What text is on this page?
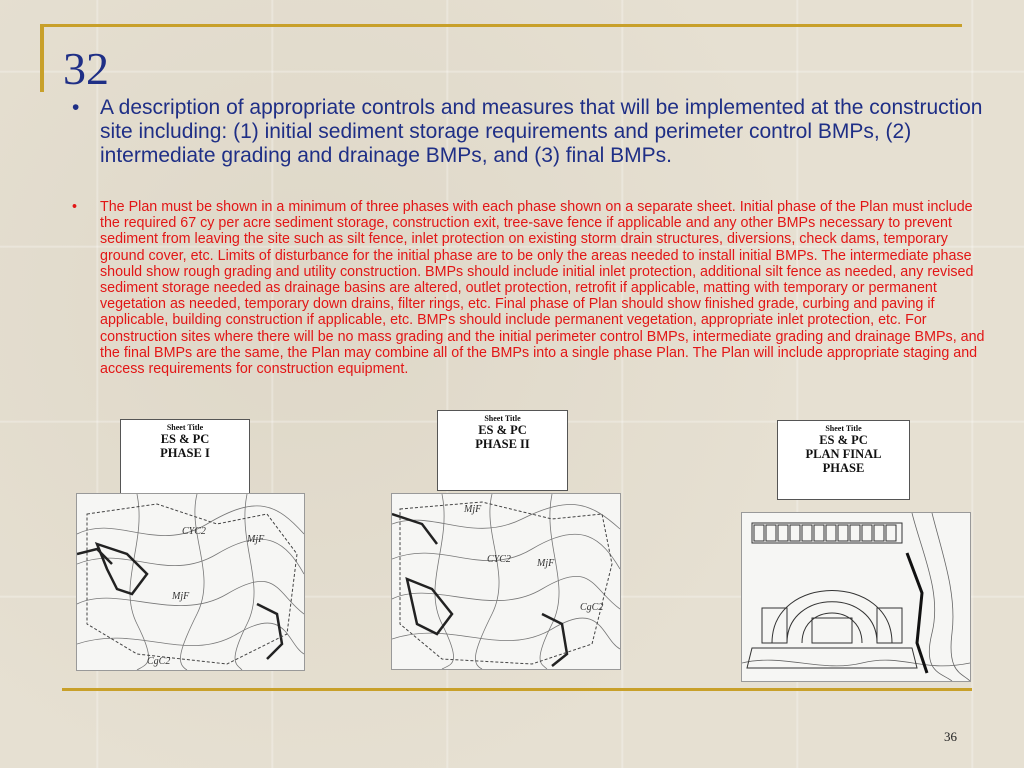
32
• A description of appropriate controls and measures that will be implemented at the construction site including: (1) initial sediment storage requirements and perimeter control BMPs, (2) intermediate grading and drainage BMPs, and (3) final BMPs.
•	The Plan must be shown in a minimum of three phases with each phase shown on a separate sheet. Initial phase of the Plan must include the required 67 cy per acre sediment storage, construction exit, tree-save fence if applicable and any other BMPs necessary to prevent sediment from leaving the site such as silt fence, inlet protection on existing storm drain structures, diversions, check dams, temporary ground cover, etc. Limits of disturbance for the initial phase are to be only the areas needed to install initial BMPs. The intermediate phase should show rough grading and utility construction. BMPs should include initial inlet protection, additional silt fence as needed, any revised sediment storage needed as drainage basins are altered, outlet protection, retrofit if applicable, matting with temporary or permanent vegetation as needed, temporary down drains, filter rings, etc. Final phase of Plan should show finished grade, curbing and paving if applicable, building construction if applicable, etc. BMPs should include permanent vegetation, appropriate inlet protection, etc. For construction sites where there will be no mass grading and the initial perimeter control BMPs, intermediate grading and drainage BMPs, and the final BMPs are the same, the Plan may combine all of the BMPs into a single phase Plan. The Plan will include appropriate staging and access requirements for construction equipment.
Sheet Title
ES & PC
PHASE I
Sheet Title
ES & PC
PHASE II
Sheet Title
ES & PC
PLAN FINAL
PHASE
CYC2
MjF
MjF
CgC2
MjF
CYC2	MjF
CgC2
36
